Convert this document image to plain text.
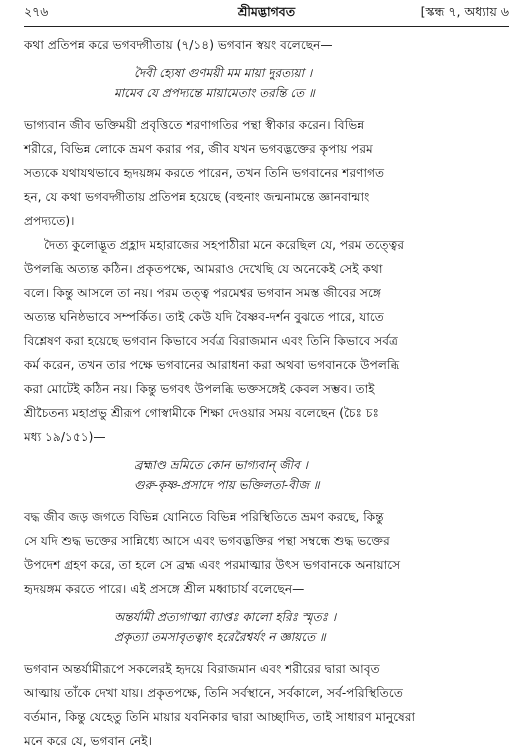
২৭৬	শ্রীমদ্ভাগবত	[স্কন্ধ ৭, অধ্যায় ৬

কথা প্রতিপন্ন করে ভগবদ্গীতায় (৭/১৪) ভগবান স্বয়ং বলেছেন—

দৈবী হ্যেষা গুণময়ী মম মায়া দুরত্যয়া ।

মামেব যে প্রপদ্যন্তে মায়ামেতাং তরন্তি তে ॥

ভাগ্যবান জীব ভক্তিময়ী প্রবৃত্তিতে শরণাগতির পন্থা স্বীকার করেন। বিভিন্ন

শরীরে, বিভিন্ন লোকে ভ্রমণ করার পর, জীব যখন ভগবদ্ভক্তের কৃপায় পরম

সত্যকে যথাযথভাবে হৃদয়ঙ্গম করতে পারেন, তখন তিনি ভগবানের শরণাগত

হন, যে কথা ভগবদ্গীতায় প্রতিপন্ন হয়েছে (বহুনাং জন্মনামন্তে জ্ঞানবান্মাং

প্রপদ্যতে)।

দৈত্য কুলোদ্ভূত প্রহ্লাদ মহারাজের সহপাঠীরা মনে করেছিল যে, পরম তত্ত্বের

উপলব্ধি অত্যন্ত কঠিন। প্রকৃতপক্ষে, আমরাও দেখেছি যে অনেকেই সেই কথা

বলে। কিন্তু আসলে তা নয়। পরম তত্ত্ব পরমেশ্বর ভগবান সমস্ত জীবের সঙ্গে

অত্যন্ত ঘনিষ্ঠভাবে সম্পর্কিত। তাই কেউ যদি বৈষ্ণব-দর্শন বুঝতে পারে, যাতে

বিশ্লেষণ করা হয়েছে ভগবান কিভাবে সর্বত্র বিরাজমান এবং তিনি কিভাবে সর্বত্র

কর্ম করেন, তখন তার পক্ষে ভগবানের আরাধনা করা অথবা ভগবানকে উপলব্ধি

করা মোটেই কঠিন নয়। কিন্তু ভগবৎ উপলব্ধি ভক্তসঙ্গেই কেবল সম্ভব। তাই

শ্রীচৈতন্য মহাপ্রভু শ্রীরূপ গোস্বামীকে শিক্ষা দেওয়ার সময় বলেছেন (চৈঃ চঃ

মধ্য ১৯/১৫১)—

ব্রহ্মাণ্ড ভ্রমিতে কোন ভাগ্যবান্ জীব ।

গুরু-কৃষ্ণ-প্রসাদে পায় ভক্তিলতা-বীজ ॥

বদ্ধ জীব জড় জগতে বিভিন্ন যোনিতে বিভিন্ন পরিস্থিতিতে ভ্রমণ করছে, কিন্তু

সে যদি শুদ্ধ ভক্তের সান্নিধ্যে আসে এবং ভগবদ্ভক্তির পন্থা সম্বন্ধে শুদ্ধ ভক্তের

উপদেশ গ্রহণ করে, তা হলে সে ব্রহ্ম এবং পরমাত্মার উৎস ভগবানকে অনায়াসে

হৃদয়ঙ্গম করতে পারে। এই প্রসঙ্গে শ্রীল মধ্বাচার্য বলেছেন—

অন্তর্যামী প্রত্যগাত্মা ব্যাপ্তঃ কালো হরিঃ স্মৃতঃ ।

প্রকৃত্যা তমসাবৃতত্বাৎ হরেরৈশ্বর্যং ন জ্ঞায়তে ॥

ভগবান অন্তর্যামীরূপে সকলেরই হৃদয়ে বিরাজমান এবং শরীরের দ্বারা আবৃত

আত্মায় তাঁকে দেখা যায়। প্রকৃতপক্ষে, তিনি সর্বস্থানে, সর্বকালে, সর্ব-পরিস্থিতিতে

বর্তমান, কিন্তু যেহেতু তিনি মায়ার যবনিকার দ্বারা আচ্ছাদিত, তাই সাধারণ মানুষেরা

মনে করে যে, ভগবান নেই।
